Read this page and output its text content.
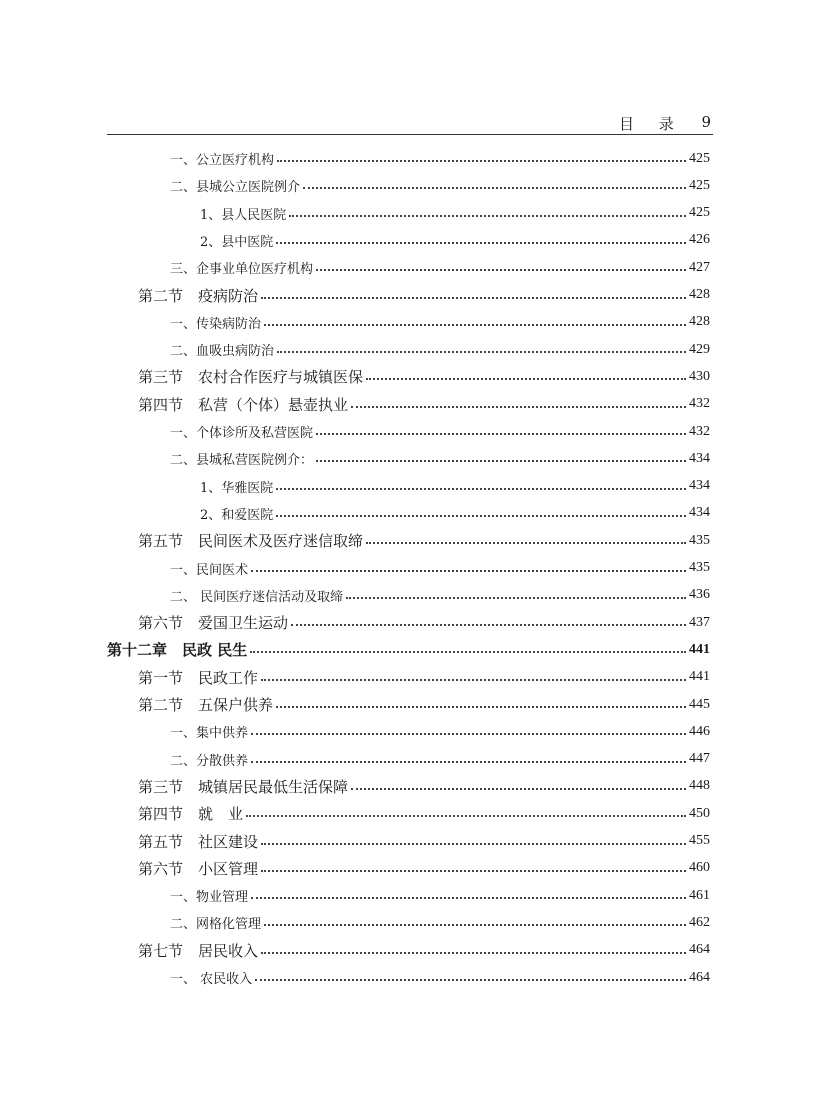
目 录 9
一、公立医疗机构	425
二、县城公立医院例介	425
1、县人民医院	425
2、县中医院	426
三、企事业单位医疗机构	427
第二节　疫病防治	428
一、传染病防治	428
二、血吸虫病防治	429
第三节　农村合作医疗与城镇医保	430
第四节　私营（个体）悬壶执业	432
一、个体诊所及私营医院	432
二、县城私营医院例介：	434
1、华雅医院	434
2、和爱医院	434
第五节　民间医术及医疗迷信取缔	435
一、民间医术	435
二、 民间医疗迷信活动及取缔	436
第六节　爱国卫生运动	437
第十二章　民政 民生	441
第一节　民政工作	441
第二节　五保户供养	445
一、集中供养	446
二、分散供养	447
第三节　城镇居民最低生活保障	448
第四节　就　业	450
第五节　社区建设	455
第六节　小区管理	460
一、物业管理	461
二、网格化管理	462
第七节　居民收入	464
一、 农民收入	464
